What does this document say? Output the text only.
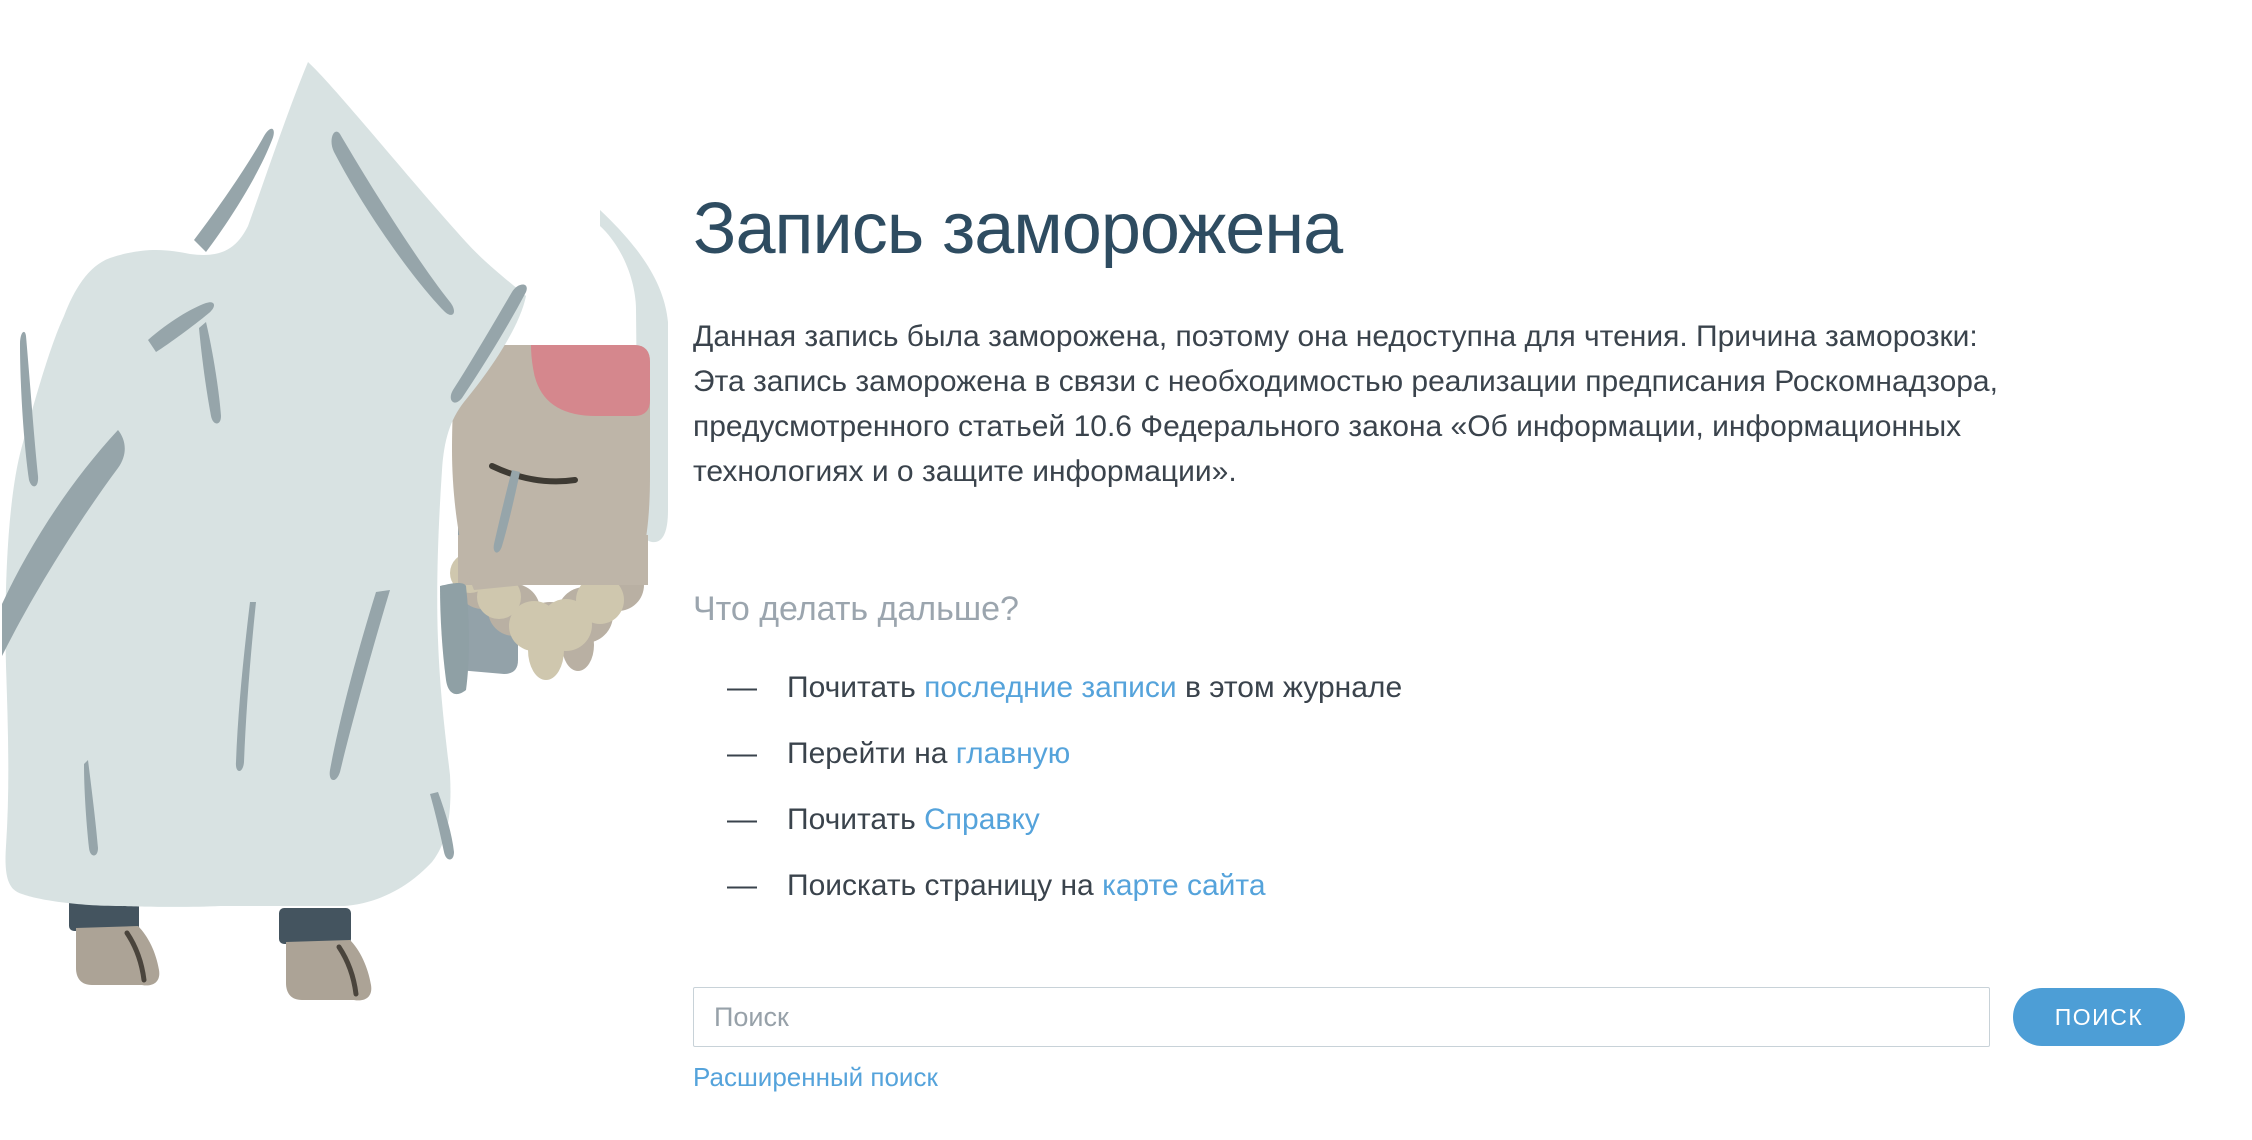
Запись заморожена
Данная запись была заморожена, поэтому она недоступна для чтения. Причина заморозки:
Эта запись заморожена в связи с необходимостью реализации предписания Роскомнадзора,
предусмотренного статьей 10.6 Федерального закона «Об информации, информационных
технологиях и о защите информации».
Что делать дальше?
— Почитать последние записи в этом журнале
— Перейти на главную
— Почитать Справку
— Поискать страницу на карте сайта
Поиск
ПОИСК
Расширенный поиск
